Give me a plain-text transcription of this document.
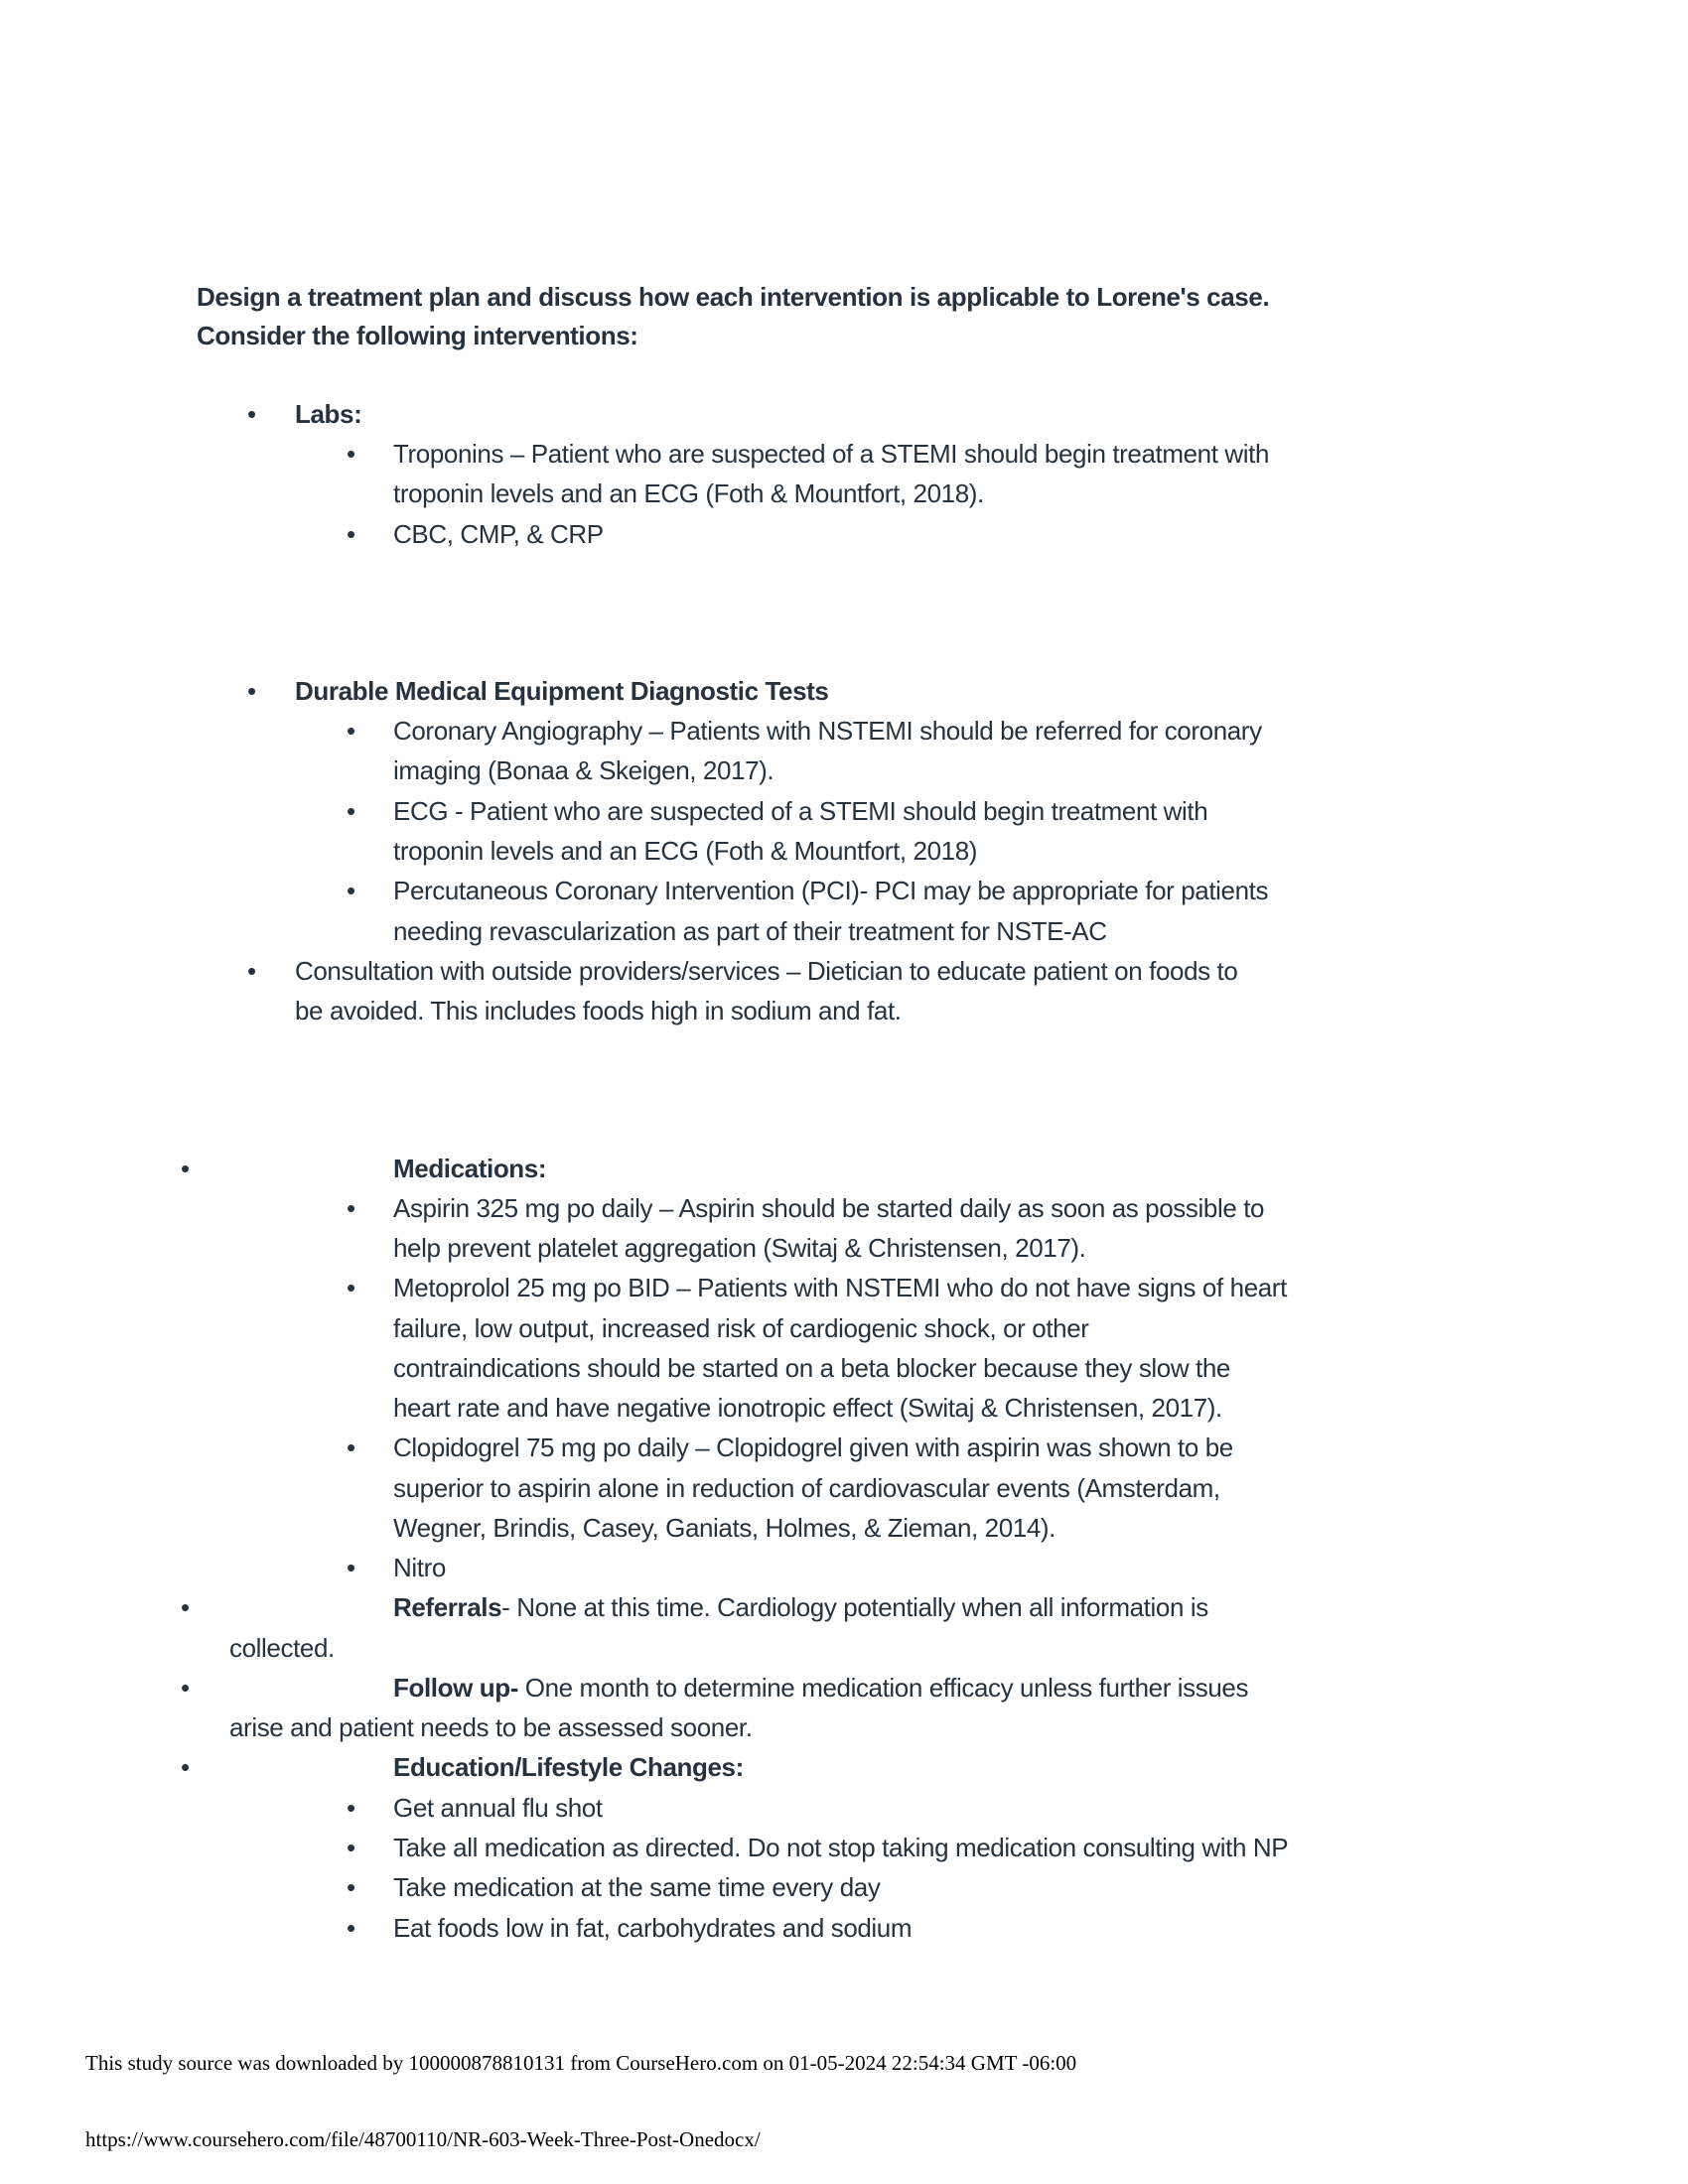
Design a treatment plan and discuss how each intervention is applicable to Lorene's case.
Consider the following interventions:
• Labs:
• Troponins – Patient who are suspected of a STEMI should begin treatment with
troponin levels and an ECG (Foth & Mountfort, 2018).
• CBC, CMP, & CRP
• Durable Medical Equipment Diagnostic Tests
• Coronary Angiography – Patients with NSTEMI should be referred for coronary
imaging (Bonaa & Skeigen, 2017).
• ECG - Patient who are suspected of a STEMI should begin treatment with
troponin levels and an ECG (Foth & Mountfort, 2018)
• Percutaneous Coronary Intervention (PCI)- PCI may be appropriate for patients
needing revascularization as part of their treatment for NSTE-AC
• Consultation with outside providers/services – Dietician to educate patient on foods to
be avoided. This includes foods high in sodium and fat.
•	Medications:
• Aspirin 325 mg po daily – Aspirin should be started daily as soon as possible to
help prevent platelet aggregation (Switaj & Christensen, 2017).
• Metoprolol 25 mg po BID – Patients with NSTEMI who do not have signs of heart
failure, low output, increased risk of cardiogenic shock, or other
contraindications should be started on a beta blocker because they slow the
heart rate and have negative ionotropic effect (Switaj & Christensen, 2017).
• Clopidogrel 75 mg po daily – Clopidogrel given with aspirin was shown to be
superior to aspirin alone in reduction of cardiovascular events (Amsterdam,
Wegner, Brindis, Casey, Ganiats, Holmes, & Zieman, 2014).
• Nitro
•	Referrals- None at this time. Cardiology potentially when all information is
collected.
•	Follow up- One month to determine medication efficacy unless further issues
arise and patient needs to be assessed sooner.
•	Education/Lifestyle Changes:
• Get annual flu shot
• Take all medication as directed. Do not stop taking medication consulting with NP
• Take medication at the same time every day
• Eat foods low in fat, carbohydrates and sodium
This study source was downloaded by 100000878810131 from CourseHero.com on 01-05-2024 22:54:34 GMT -06:00
https://www.coursehero.com/file/48700110/NR-603-Week-Three-Post-Onedocx/
